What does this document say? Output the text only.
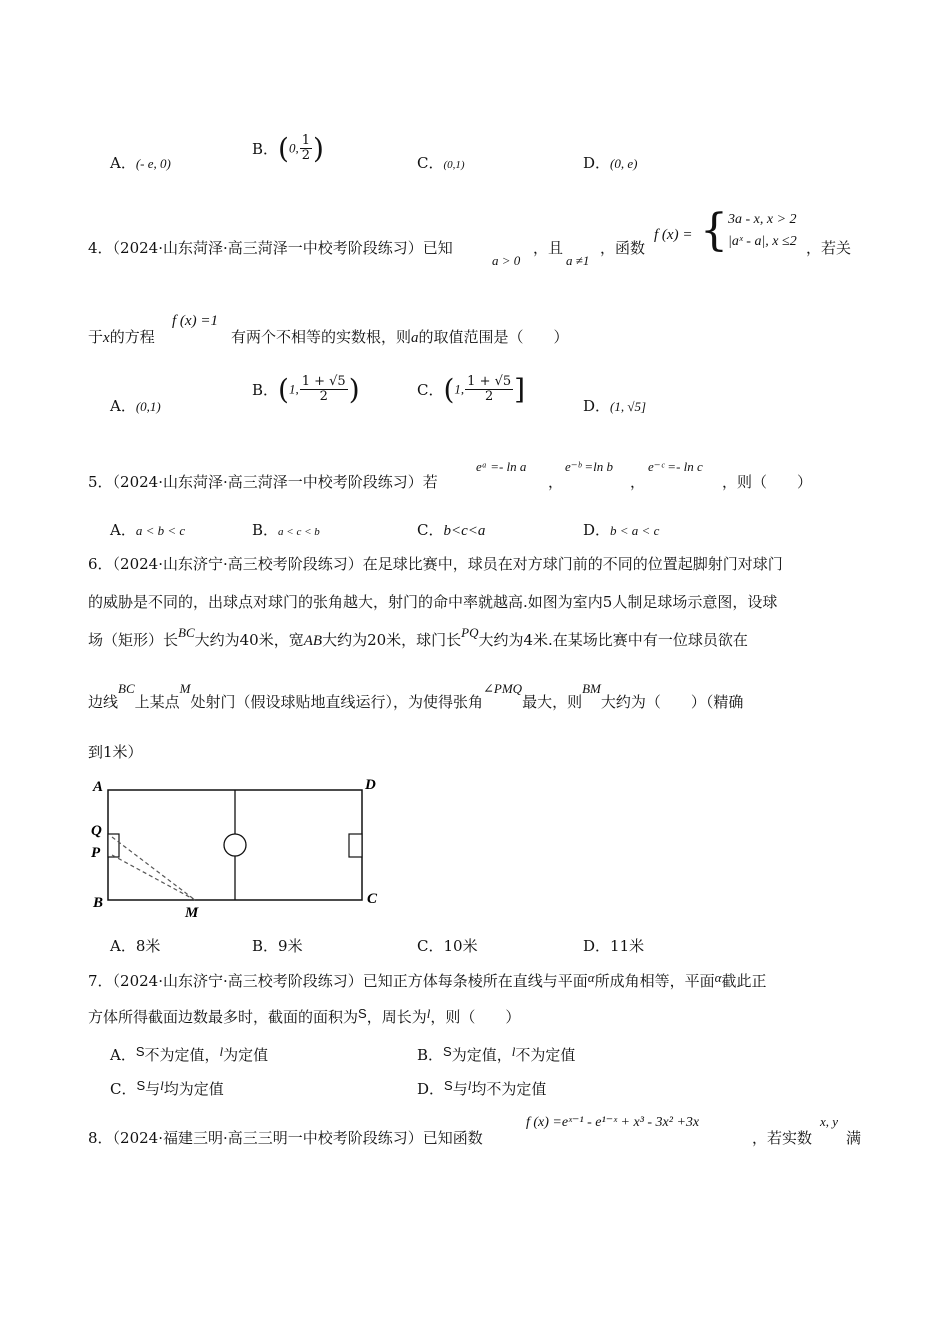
A．(- e, 0)
B．(0, $\frac{1}{2}$ )	C．(0,1)	D．(0, e)
4．（2024·山东菏泽·高三菏泽一中校考阶段练习）已知
a > 0
，且
a ≠1
，函数
f (x) = { 3a - x, x > 2
|aˣ - a|, x ≤2 ，若关
于x的方程
f (x) =1
有两个不相等的实数根，则a的取值范围是（　　）
A．(0,1)
B．(1, $\frac{1 + √5}{2}$ )	C．(1, $\frac{1 + √5}{2}$ ]	D．(1, √5]
5．（2024·山东菏泽·高三菏泽一中校考阶段练习）若
eᵃ =- ln a
，
e⁻ᵇ =ln b
，
e⁻ᶜ =- ln c
，则（　　）
A．a < b < c	B．a < c < b	C．b<c<a	D．b < a < c
6．（2024·山东济宁·高三校考阶段练习）在足球比赛中，球员在对方球门前的不同的位置起脚射门对球门
的威胁是不同的，出球点对球门的张角越大，射门的命中率就越高.如图为室内5人制足球场示意图，设球
场（矩形）长BC大约为40米，宽AB大约为20米，球门长PQ大约为4米.在某场比赛中有一位球员欲在
边线BC上某点M处射门（假设球贴地直线运行），为使得张角∠PMQ最大，则BM大约为（　　）（精确
到1米）
A
Q
P
B
M
D
C
A．8米	B．9米	C．10米	D．11米
7．（2024·山东济宁·高三校考阶段练习）已知正方体每条棱所在直线与平面α所成角相等，平面α截此正
方体所得截面边数最多时，截面的面积为S，周长为l，则（　　）
A．S不为定值，l为定值	B．S为定值，l不为定值
C．S与l均为定值	D．S与l均不为定值
8．（2024·福建三明·高三三明一中校考阶段练习）已知函数
f (x) =eˣ⁻¹ - e¹⁻ˣ + x³ - 3x² +3x
，若实数
x, y
满
